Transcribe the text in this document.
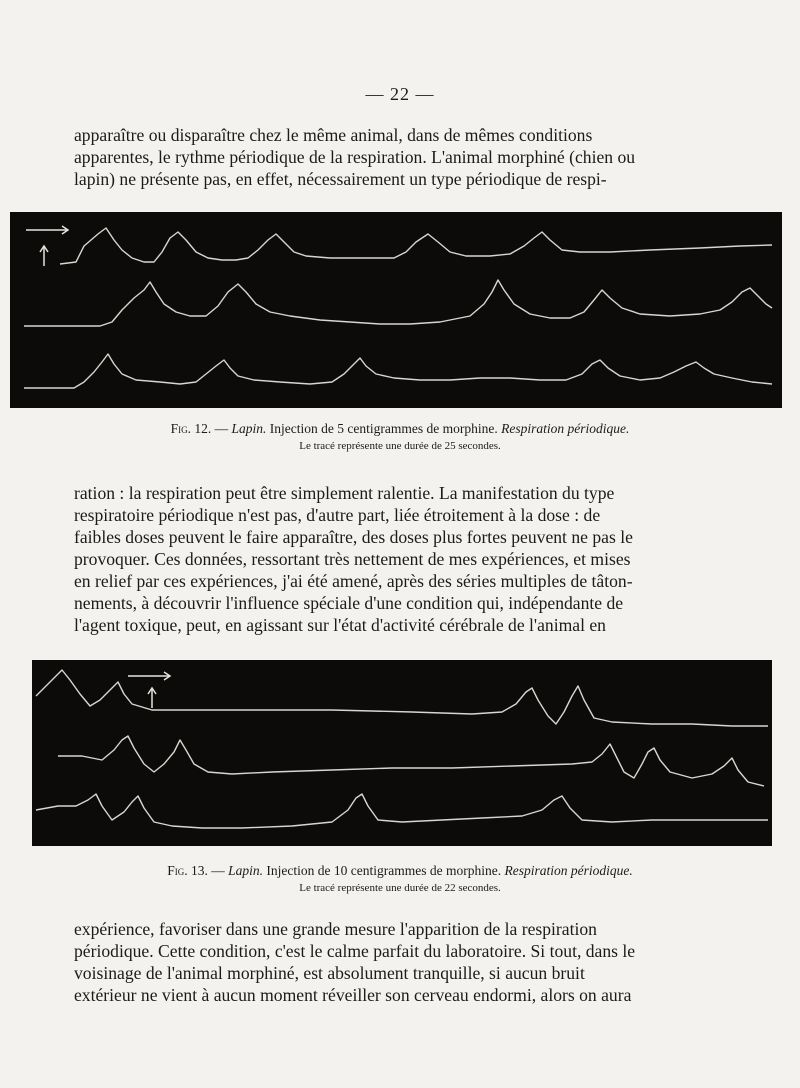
— 22 —

apparaître ou disparaître chez le même animal, dans de mêmes conditions
apparentes, le rythme périodique de la respiration. L'animal morphiné (chien ou
lapin) ne présente pas, en effet, nécessairement un type périodique de respi-

Fig. 12. — Lapin. Injection de 5 centigrammes de morphine. Respiration périodique.
Le tracé représente une durée de 25 secondes.

ration : la respiration peut être simplement ralentie. La manifestation du type
respiratoire périodique n'est pas, d'autre part, liée étroitement à la dose : de
faibles doses peuvent le faire apparaître, des doses plus fortes peuvent ne pas le
provoquer. Ces données, ressortant très nettement de mes expériences, et mises
en relief par ces expériences, j'ai été amené, après des séries multiples de tâton-
nements, à découvrir l'influence spéciale d'une condition qui, indépendante de
l'agent toxique, peut, en agissant sur l'état d'activité cérébrale de l'animal en

Fig. 13. — Lapin. Injection de 10 centigrammes de morphine. Respiration périodique.
Le tracé représente une durée de 22 secondes.

expérience, favoriser dans une grande mesure l'apparition de la respiration
périodique. Cette condition, c'est le calme parfait du laboratoire. Si tout, dans le
voisinage de l'animal morphiné, est absolument tranquille, si aucun bruit
extérieur ne vient à aucun moment réveiller son cerveau endormi, alors on aura
